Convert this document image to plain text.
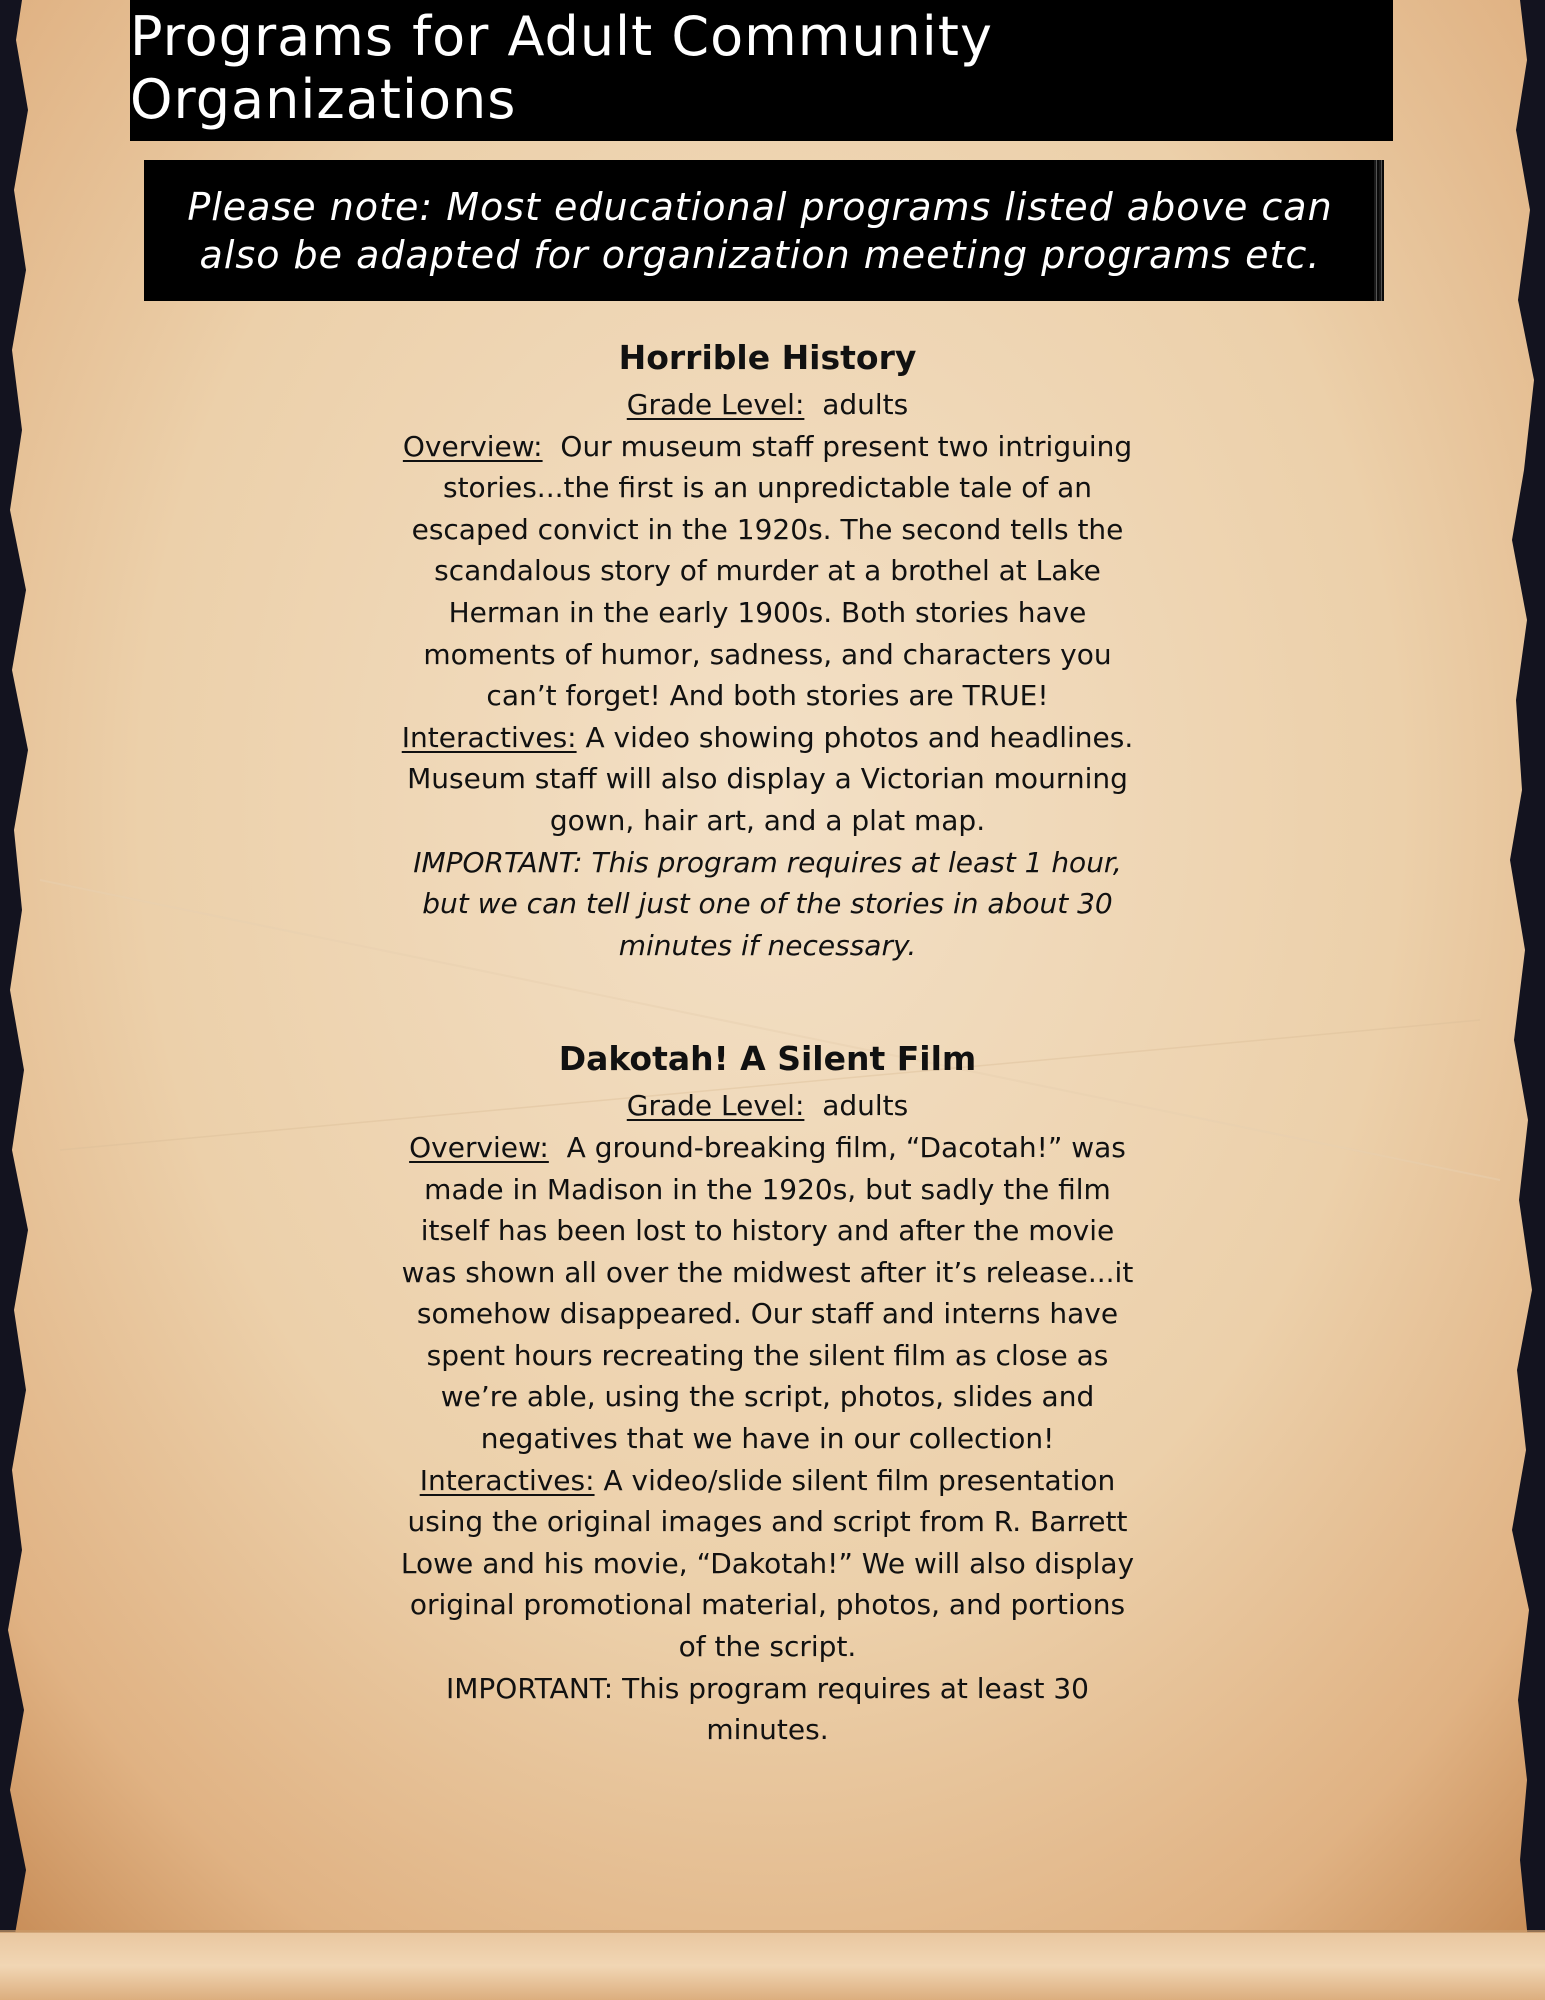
Programs for Adult Community Organizations
Please note: Most educational programs listed above can
also be adapted for organization meeting programs etc.

Horrible History

Grade Level: adults

Overview: Our museum staff present two intriguing stories...the first is an unpredictable tale of an escaped convict in the 1920s. The second tells the scandalous story of murder at a brothel at Lake Herman in the early 1900s. Both stories have moments of humor, sadness, and characters you can’t forget! And both stories are TRUE!

Interactives: A video showing photos and headlines. Museum staff will also display a Victorian mourning gown, hair art, and a plat map.

IMPORTANT: This program requires at least 1 hour, but we can tell just one of the stories in about 30 minutes if necessary.

Dakotah! A Silent Film

Grade Level: adults

Overview: A ground-breaking film, “Dacotah!” was made in Madison in the 1920s, but sadly the film itself has been lost to history and after the movie was shown all over the midwest after it’s release...it somehow disappeared. Our staff and interns have spent hours recreating the silent film as close as we’re able, using the script, photos, slides and negatives that we have in our collection!

Interactives: A video/slide silent film presentation using the original images and script from R. Barrett Lowe and his movie, “Dakotah!” We will also display original promotional material, photos, and portions of the script.

IMPORTANT: This program requires at least 30 minutes.
